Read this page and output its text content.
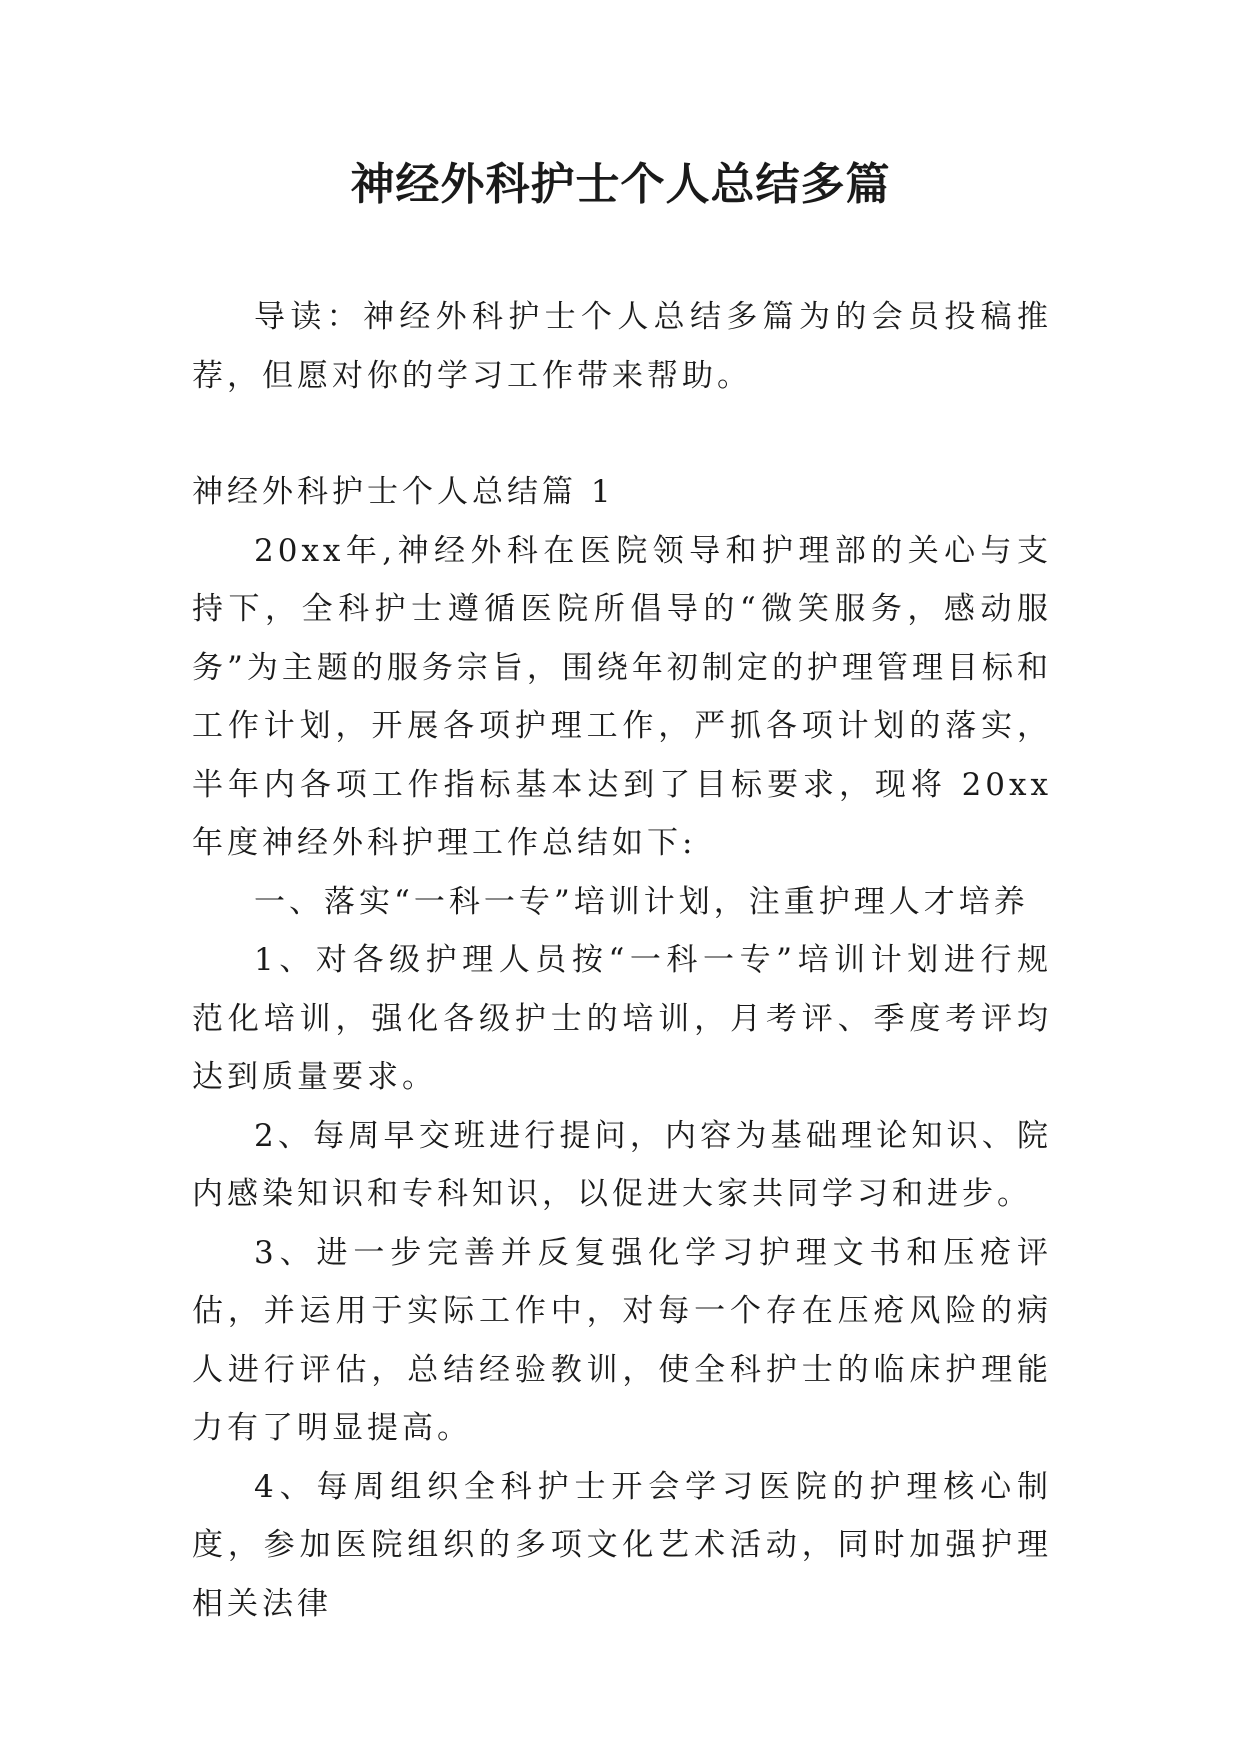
神经外科护士个人总结多篇

导读：神经外科护士个人总结多篇为的会员投稿推荐，但愿对你的学习工作带来帮助。

神经外科护士个人总结篇 1

20xx年,神经外科在医院领导和护理部的关心与支持下，全科护士遵循医院所倡导的“微笑服务，感动服务”为主题的服务宗旨，围绕年初制定的护理管理目标和工作计划，开展各项护理工作，严抓各项计划的落实，半年内各项工作指标基本达到了目标要求，现将 20xx 年度神经外科护理工作总结如下:

一、落实“一科一专”培训计划，注重护理人才培养

1、对各级护理人员按“一科一专”培训计划进行规范化培训，强化各级护士的培训，月考评、季度考评均达到质量要求。

2、每周早交班进行提问，内容为基础理论知识、院内感染知识和专科知识，以促进大家共同学习和进步。

3、进一步完善并反复强化学习护理文书和压疮评估，并运用于实际工作中，对每一个存在压疮风险的病人进行评估，总结经验教训，使全科护士的临床护理能力有了明显提高。

4、每周组织全科护士开会学习医院的护理核心制度，参加医院组织的多项文化艺术活动，同时加强护理相关法律
